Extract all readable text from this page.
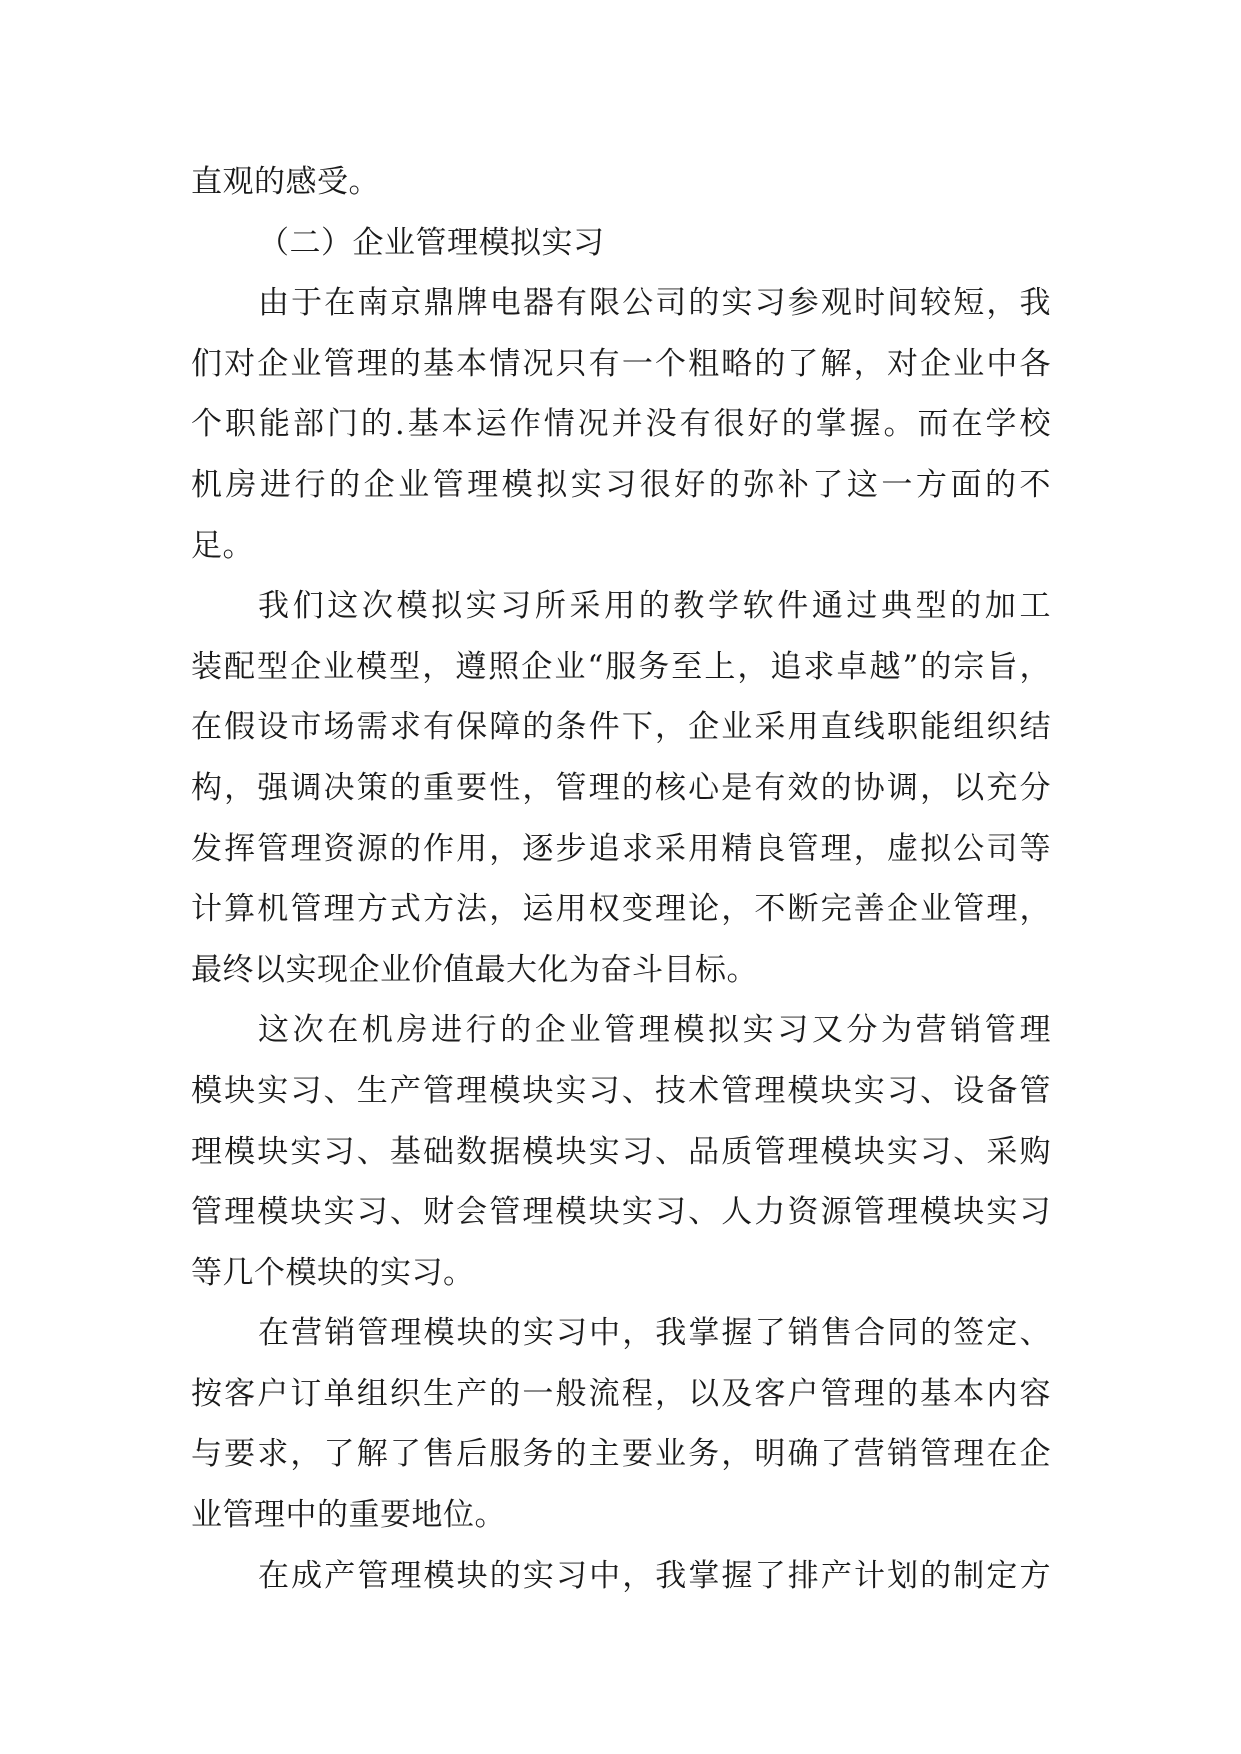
直观的感受。
（二）企业管理模拟实习
由于在南京鼎牌电器有限公司的实习参观时间较短，我
们对企业管理的基本情况只有一个粗略的了解，对企业中各
个职能部门的.基本运作情况并没有很好的掌握。而在学校
机房进行的企业管理模拟实习很好的弥补了这一方面的不
足。
我们这次模拟实习所采用的教学软件通过典型的加工
装配型企业模型，遵照企业“服务至上，追求卓越”的宗旨，
在假设市场需求有保障的条件下，企业采用直线职能组织结
构，强调决策的重要性，管理的核心是有效的协调，以充分
发挥管理资源的作用，逐步追求采用精良管理，虚拟公司等
计算机管理方式方法，运用权变理论，不断完善企业管理，
最终以实现企业价值最大化为奋斗目标。
这次在机房进行的企业管理模拟实习又分为营销管理
模块实习、生产管理模块实习、技术管理模块实习、设备管
理模块实习、基础数据模块实习、品质管理模块实习、采购
管理模块实习、财会管理模块实习、人力资源管理模块实习
等几个模块的实习。
在营销管理模块的实习中，我掌握了销售合同的签定、
按客户订单组织生产的一般流程，以及客户管理的基本内容
与要求，了解了售后服务的主要业务，明确了营销管理在企
业管理中的重要地位。
在成产管理模块的实习中，我掌握了排产计划的制定方
